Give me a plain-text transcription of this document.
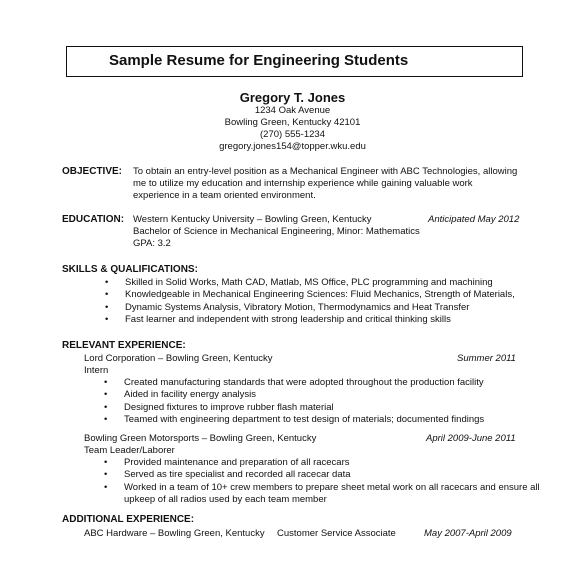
Sample Resume for Engineering Students
Gregory T. Jones
1234 Oak Avenue
Bowling Green, Kentucky 42101
(270) 555-1234
gregory.jones154@topper.wku.edu
OBJECTIVE: To obtain an entry-level position as a Mechanical Engineer with ABC Technologies, allowing
me to utilize my education and internship experience while gaining valuable work
experience in a team oriented environment.
EDUCATION: Western Kentucky University – Bowling Green, Kentucky	Anticipated May 2012
Bachelor of Science in Mechanical Engineering, Minor: Mathematics
GPA: 3.2
SKILLS & QUALIFICATIONS:
• Skilled in Solid Works, Math CAD, Matlab, MS Office, PLC programming and machining
• Knowledgeable in Mechanical Engineering Sciences: Fluid Mechanics, Strength of Materials,
• Dynamic Systems Analysis, Vibratory Motion, Thermodynamics and Heat Transfer
• Fast learner and independent with strong leadership and critical thinking skills
RELEVANT EXPERIENCE:
Lord Corporation – Bowling Green, Kentucky	Summer 2011
Intern
• Created manufacturing standards that were adopted throughout the production facility
• Aided in facility energy analysis
• Designed fixtures to improve rubber flash material
• Teamed with engineering department to test design of materials; documented findings
Bowling Green Motorsports – Bowling Green, Kentucky	April 2009-June 2011
Team Leader/Laborer
• Provided maintenance and preparation of all racecars
• Served as tire specialist and recorded all racecar data
• Worked in a team of 10+ crew members to prepare sheet metal work on all racecars and ensure all
upkeep of all radios used by each team member
ADDITIONAL EXPERIENCE:
ABC Hardware – Bowling Green, Kentucky Customer Service Associate	May 2007-April 2009
